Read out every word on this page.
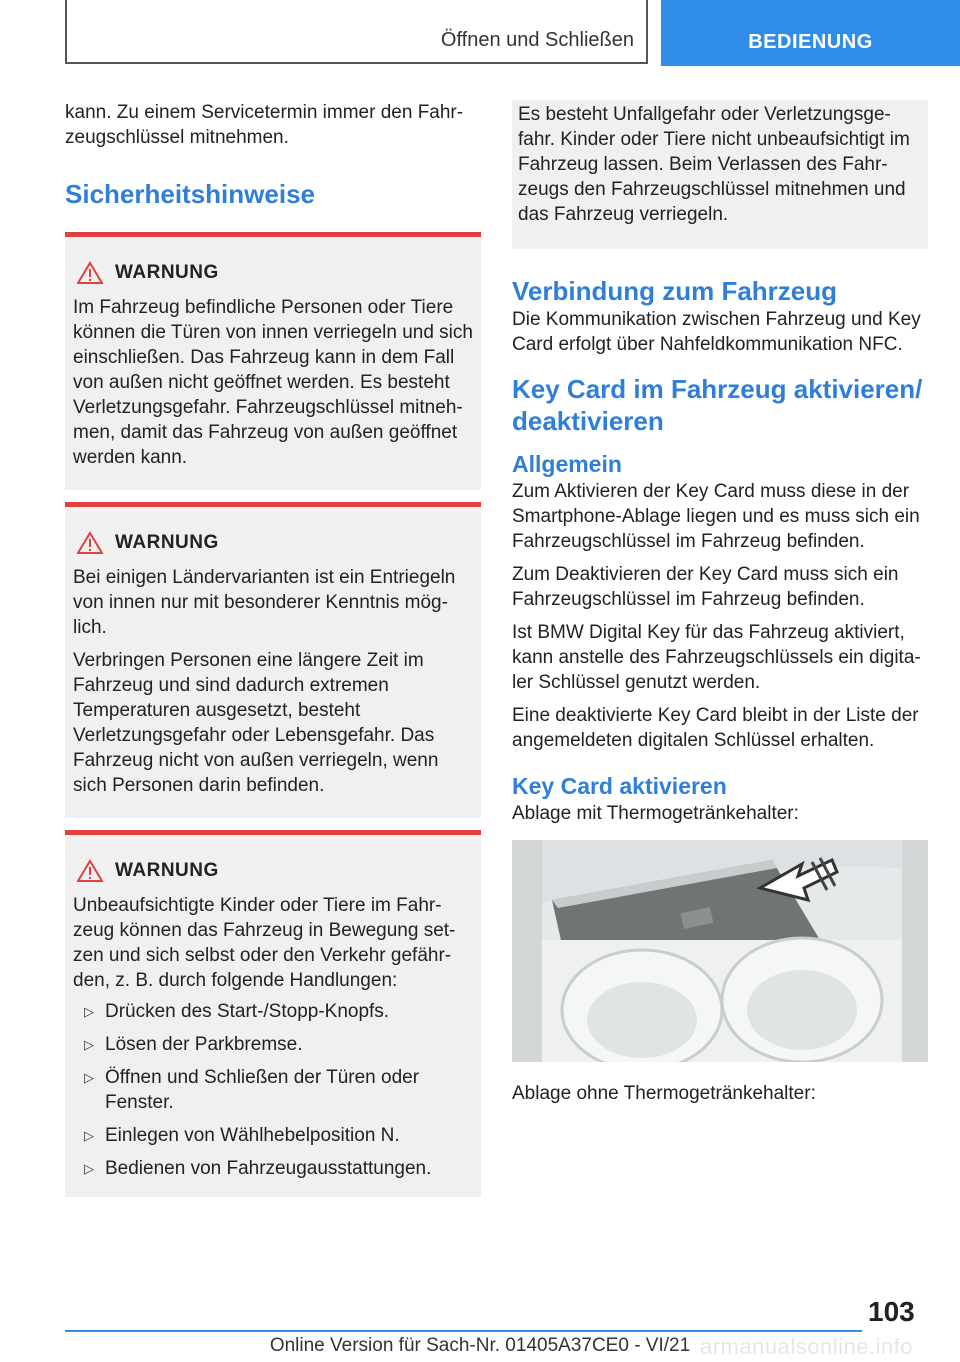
Öffnen und Schließen	BEDIENUNG

kann. Zu einem Servicetermin immer den Fahrzeugschlüssel mitnehmen.

Sicherheitshinweise
WARNUNG

Im Fahrzeug befindliche Personen oder Tiere können die Türen von innen verriegeln und sich einschließen. Das Fahrzeug kann in dem Fall von außen nicht geöffnet werden. Es besteht Verletzungsgefahr. Fahrzeugschlüssel mitnehmen, damit das Fahrzeug von außen geöffnet werden kann.

WARNUNG

Bei einigen Ländervarianten ist ein Entriegeln von innen nur mit besonderer Kenntnis möglich.

Verbringen Personen eine längere Zeit im Fahrzeug und sind dadurch extremen Temperaturen ausgesetzt, besteht Verletzungsgefahr oder Lebensgefahr. Das Fahrzeug nicht von außen verriegeln, wenn sich Personen darin befinden.

WARNUNG

Unbeaufsichtigte Kinder oder Tiere im Fahrzeug können das Fahrzeug in Bewegung setzen und sich selbst oder den Verkehr gefährden, z. B. durch folgende Handlungen:

▷ Drücken des Start-/Stopp-Knopfs.
▷ Lösen der Parkbremse.
▷ Öffnen und Schließen der Türen oder Fenster.
▷ Einlegen von Wählhebelposition N.
▷ Bedienen von Fahrzeugausstattungen.

Es besteht Unfallgefahr oder Verletzungsgefahr. Kinder oder Tiere nicht unbeaufsichtigt im Fahrzeug lassen. Beim Verlassen des Fahrzeugs den Fahrzeugschlüssel mitnehmen und das Fahrzeug verriegeln.

Verbindung zum Fahrzeug

Die Kommunikation zwischen Fahrzeug und Key Card erfolgt über Nahfeldkommunikation NFC.

Key Card im Fahrzeug aktivieren/ deaktivieren
Allgemein

Zum Aktivieren der Key Card muss diese in der Smartphone-Ablage liegen und es muss sich ein Fahrzeugschlüssel im Fahrzeug befinden.

Zum Deaktivieren der Key Card muss sich ein Fahrzeugschlüssel im Fahrzeug befinden.

Ist BMW Digital Key für das Fahrzeug aktiviert, kann anstelle des Fahrzeugschlüssels ein digitaler Schlüssel genutzt werden.

Eine deaktivierte Key Card bleibt in der Liste der angemeldeten digitalen Schlüssel erhalten.

Key Card aktivieren

Ablage mit Thermogetränkehalter:

Ablage ohne Thermogetränkehalter:

103
Online Version für Sach-Nr. 01405A37CE0 - VI/21 armanualsonline.info
